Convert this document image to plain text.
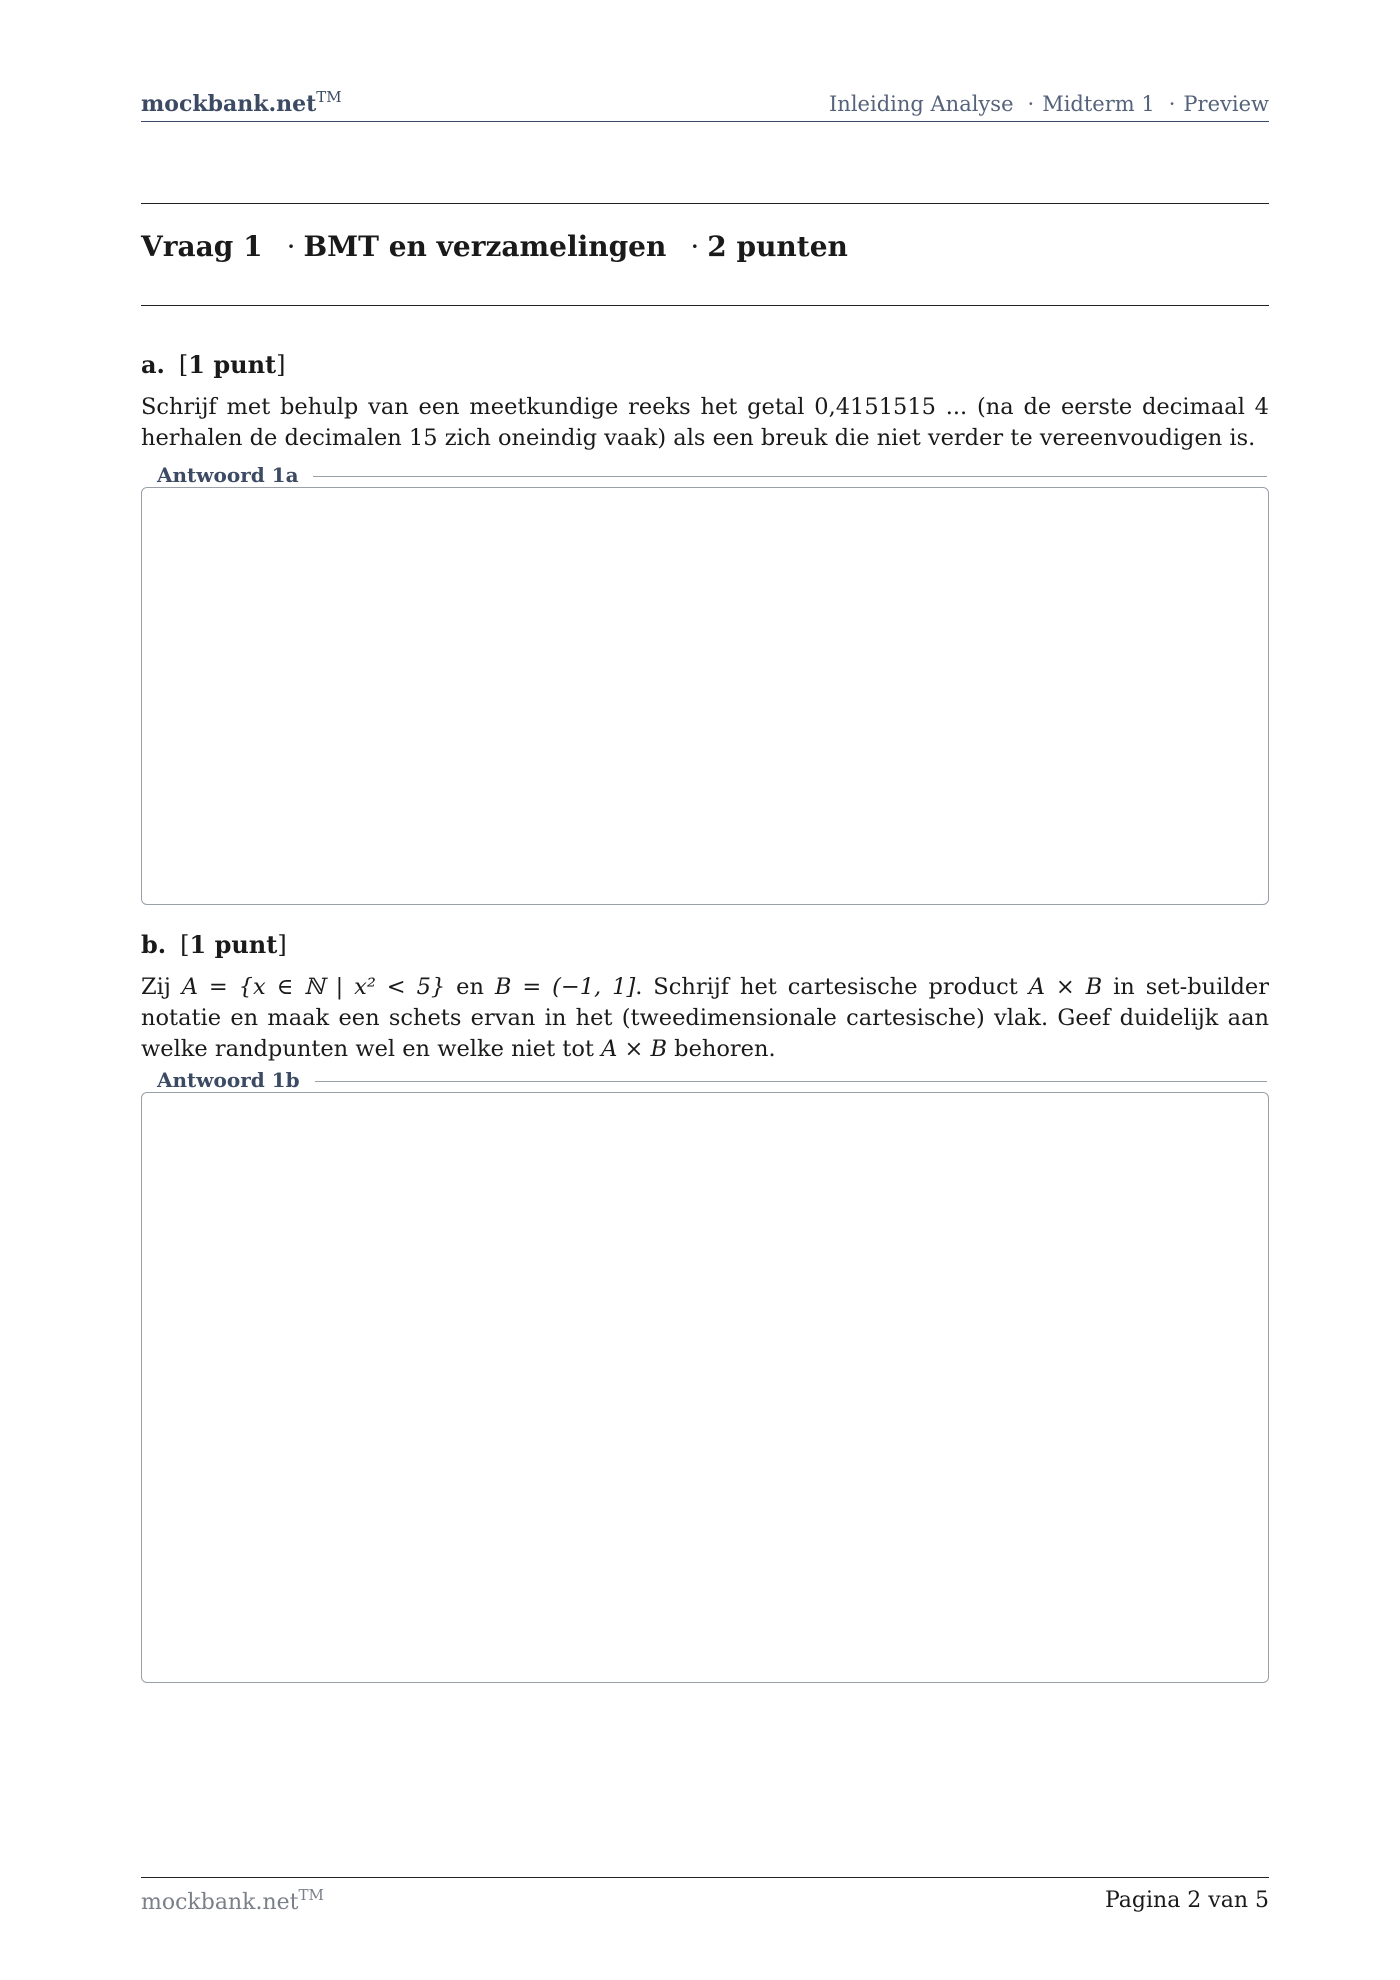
mockbank.net™	Inleiding Analyse · Midterm 1 · Preview
Vraag 1 · BMT en verzamelingen · 2 punten
a. [1 punt]
Schrijf met behulp van een meetkundige reeks het getal 0,4151515 ... (na de eerste decimaal 4 herhalen de decimalen 15 zich oneindig vaak) als een breuk die niet verder te vereenvoudigen is.
Antwoord 1a
b. [1 punt]
Zij A = {x ∈ ℕ | x² < 5} en B = (−1, 1]. Schrijf het cartesische product A × B in set-builder notatie en maak een schets ervan in het (tweedimensionale cartesische) vlak. Geef duidelijk aan welke randpunten wel en welke niet tot A × B behoren.
Antwoord 1b
mockbank.net™	Pagina 2 van 5
